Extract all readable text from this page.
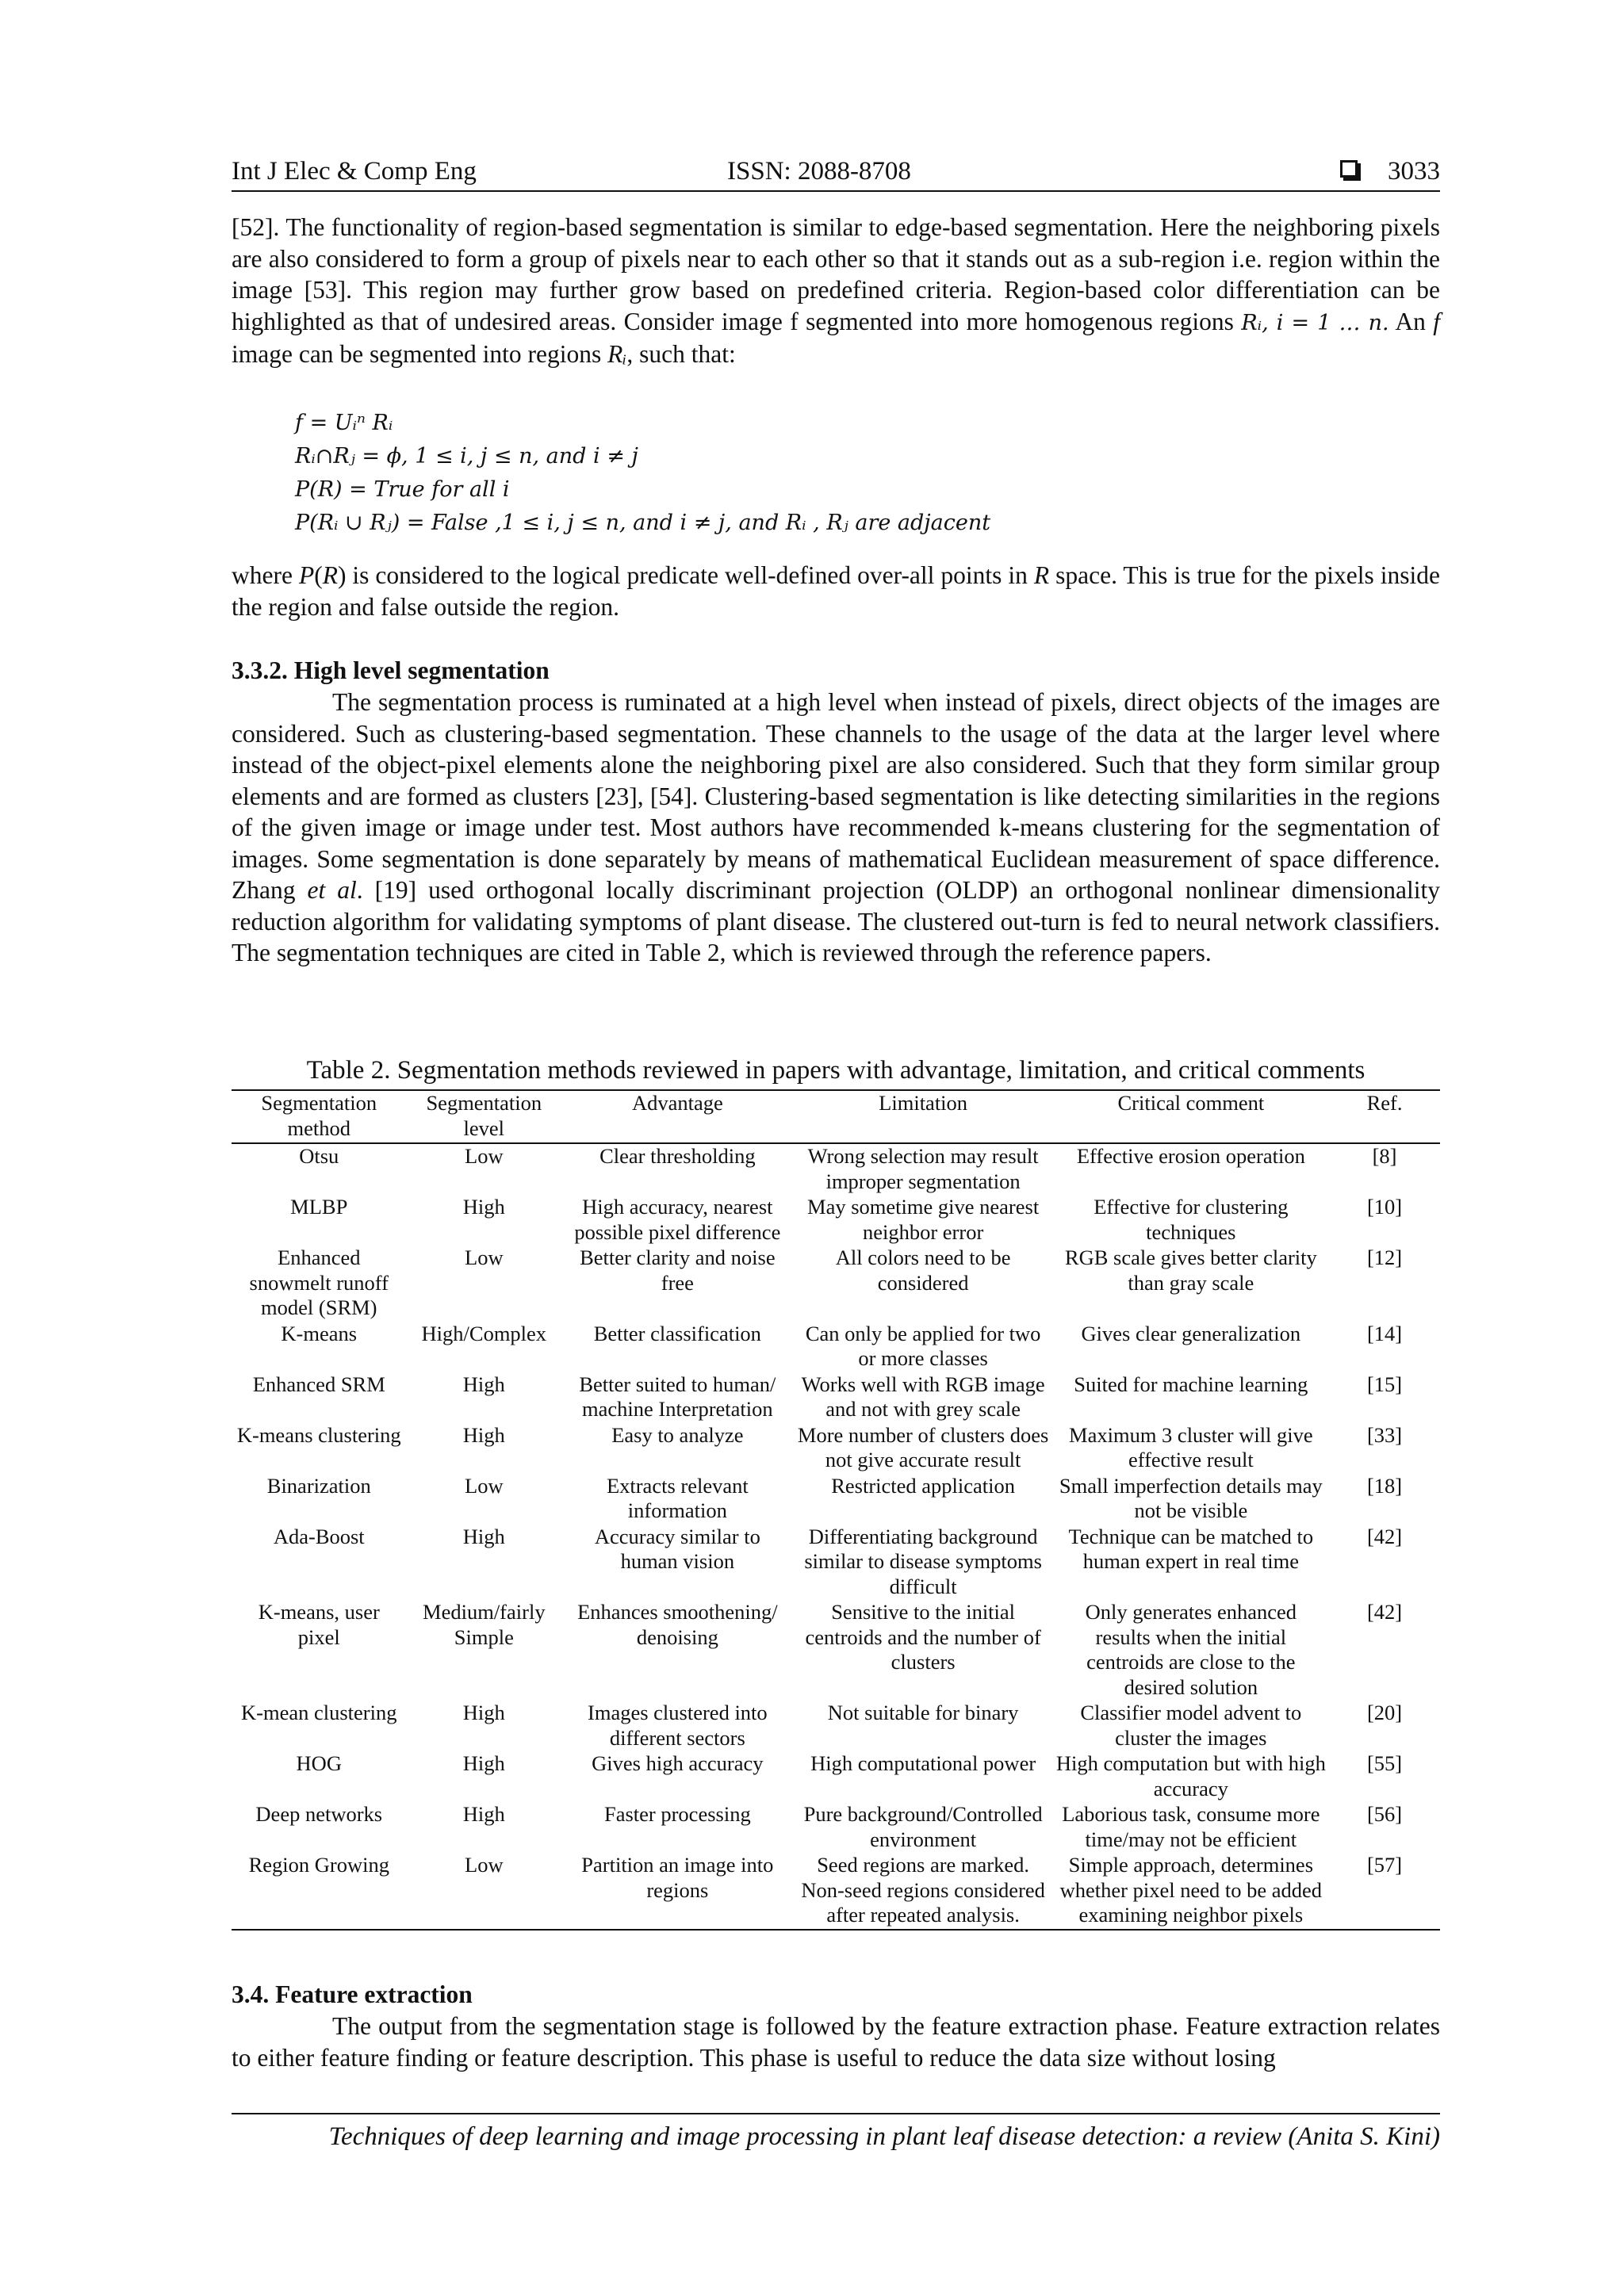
Int J Elec & Comp Eng	ISSN: 2088-8708	3033

[52]. The functionality of region-based segmentation is similar to edge-based segmentation. Here the neighboring pixels are also considered to form a group of pixels near to each other so that it stands out as a sub-region i.e. region within the image [53]. This region may further grow based on predefined criteria. Region-based color differentiation can be highlighted as that of undesired areas. Consider image f segmented into more homogenous regions Rᵢ, i = 1 … n. An f image can be segmented into regions Rᵢ, such that:

f = Uᵢⁿ Rᵢ
Rᵢ∩Rⱼ = ϕ, 1 ≤ i, j ≤ n, and i ≠ j
P(R) = True for all i
P(Rᵢ ∪ Rⱼ) = False ,1 ≤ i, j ≤ n, and i ≠ j, and Rᵢ , Rⱼ are adjacent

where P(R) is considered to the logical predicate well-defined over-all points in R space. This is true for the pixels inside the region and false outside the region.

3.3.2. High level segmentation

The segmentation process is ruminated at a high level when instead of pixels, direct objects of the images are considered. Such as clustering-based segmentation. These channels to the usage of the data at the larger level where instead of the object-pixel elements alone the neighboring pixel are also considered. Such that they form similar group elements and are formed as clusters [23], [54]. Clustering-based segmentation is like detecting similarities in the regions of the given image or image under test. Most authors have recommended k-means clustering for the segmentation of images. Some segmentation is done separately by means of mathematical Euclidean measurement of space difference. Zhang et al. [19] used orthogonal locally discriminant projection (OLDP) an orthogonal nonlinear dimensionality reduction algorithm for validating symptoms of plant disease. The clustered out-turn is fed to neural network classifiers. The segmentation techniques are cited in Table 2, which is reviewed through the reference papers.

Table 2. Segmentation methods reviewed in papers with advantage, limitation, and critical comments
Segmentation method	Segmentation level	Advantage	Limitation	Critical comment	Ref.
Otsu	Low	Clear thresholding	Wrong selection may result improper segmentation	Effective erosion operation	[8]
MLBP	High	High accuracy, nearest possible pixel difference	May sometime give nearest neighbor error	Effective for clustering techniques	[10]
Enhanced snowmelt runoff model (SRM)	Low	Better clarity and noise free	All colors need to be considered	RGB scale gives better clarity than gray scale	[12]
K-means	High/Complex	Better classification	Can only be applied for two or more classes	Gives clear generalization	[14]
Enhanced SRM	High	Better suited to human/ machine Interpretation	Works well with RGB image and not with grey scale	Suited for machine learning	[15]
K-means clustering	High	Easy to analyze	More number of clusters does not give accurate result	Maximum 3 cluster will give effective result	[33]
Binarization	Low	Extracts relevant information	Restricted application	Small imperfection details may not be visible	[18]
Ada-Boost	High	Accuracy similar to human vision	Differentiating background similar to disease symptoms difficult	Technique can be matched to human expert in real time	[42]
K-means, user pixel	Medium/fairly Simple	Enhances smoothening/ denoising	Sensitive to the initial centroids and the number of clusters	Only generates enhanced results when the initial centroids are close to the desired solution	[42]
K-mean clustering	High	Images clustered into different sectors	Not suitable for binary	Classifier model advent to cluster the images	[20]
HOG	High	Gives high accuracy	High computational power	High computation but with high accuracy	[55]
Deep networks	High	Faster processing	Pure background/Controlled environment	Laborious task, consume more time/may not be efficient	[56]
Region Growing	Low	Partition an image into regions	Seed regions are marked. Non-seed regions considered after repeated analysis.	Simple approach, determines whether pixel need to be added examining neighbor pixels	[57]

3.4. Feature extraction

The output from the segmentation stage is followed by the feature extraction phase. Feature extraction relates to either feature finding or feature description. This phase is useful to reduce the data size without losing

Techniques of deep learning and image processing in plant leaf disease detection: a review (Anita S. Kini)
